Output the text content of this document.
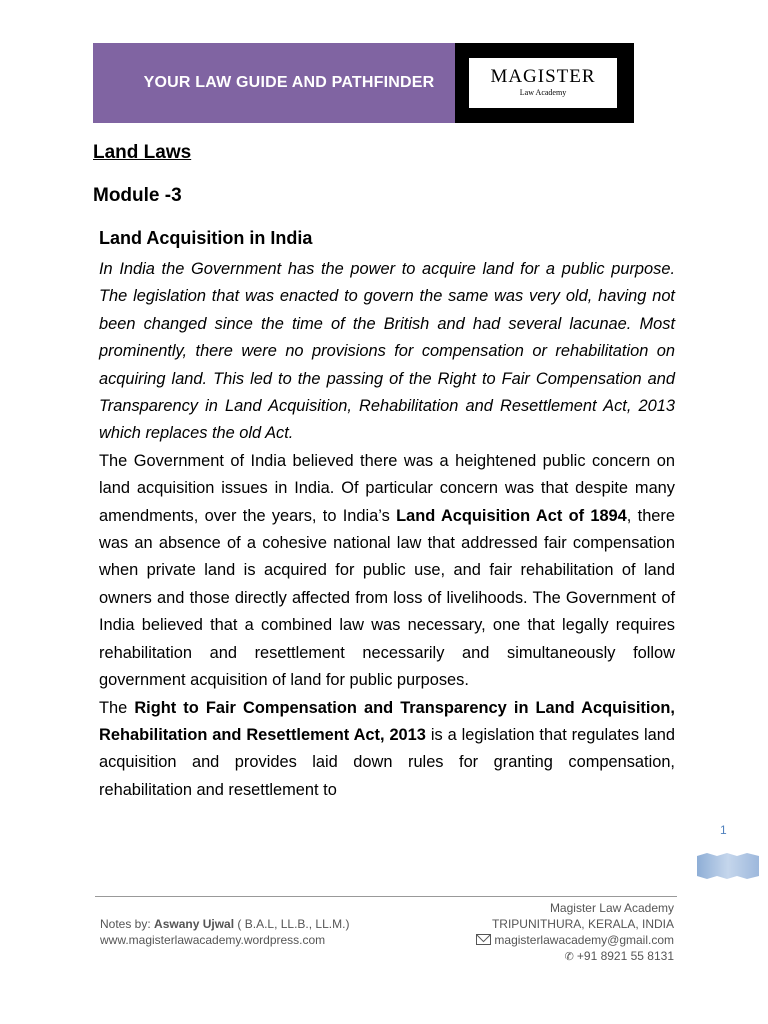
YOUR LAW GUIDE AND PATHFINDER	MAGISTER
Law Academy
Land Laws
Module -3
Land Acquisition in India

In India the Government has the power to acquire land for a public purpose. The legislation that was enacted to govern the same was very old, having not been changed since the time of the British and had several lacunae. Most prominently, there were no provisions for compensation or rehabilitation on acquiring land. This led to the passing of the Right to Fair Compensation and Transparency in Land Acquisition, Rehabilitation and Resettlement Act, 2013 which replaces the old Act.

The Government of India believed there was a heightened public concern on land acquisition issues in India. Of particular concern was that despite many amendments, over the years, to India’s Land Acquisition Act of 1894, there was an absence of a cohesive national law that addressed fair compensation when private land is acquired for public use, and fair rehabilitation of land owners and those directly affected from loss of livelihoods. The Government of India believed that a combined law was necessary, one that legally requires rehabilitation and resettlement necessarily and simultaneously follow government acquisition of land for public purposes.

The Right to Fair Compensation and Transparency in Land Acquisition, Rehabilitation and Resettlement Act, 2013 is a legislation that regulates land acquisition and provides laid down rules for granting compensation, rehabilitation and resettlement to

1
Notes by: Aswany Ujwal ( B.A.L, LL.B., LL.M.)
www.magisterlawacademy.wordpress.com
Magister Law Academy
TRIPUNITHURA, KERALA, INDIA
magisterlawacademy@gmail.com
✆ +91 8921 55 8131
